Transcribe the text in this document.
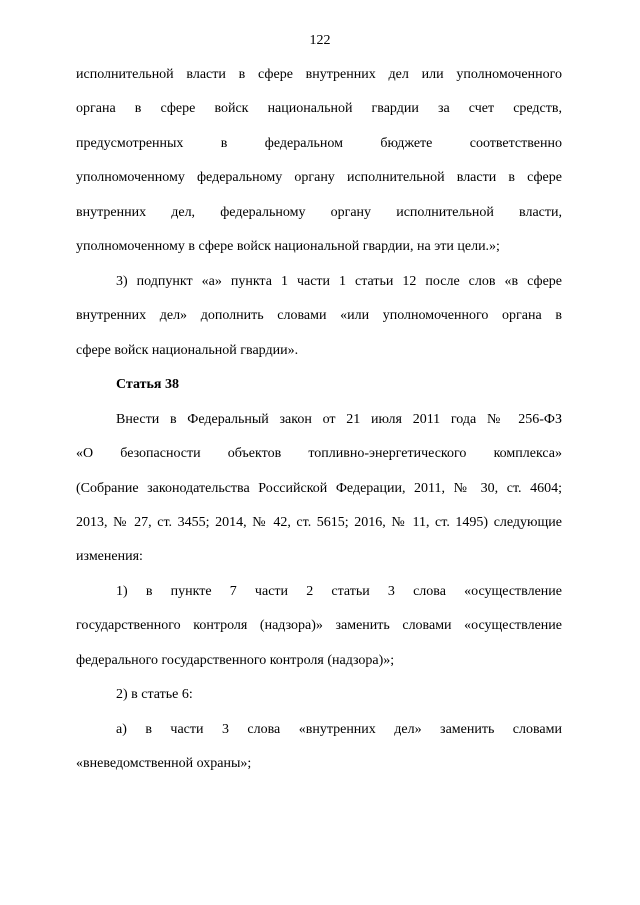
122
исполнительной власти в сфере внутренних дел или уполномоченного
органа в сфере войск национальной гвардии за счет средств,
предусмотренных в федеральном бюджете соответственно
уполномоченному федеральному органу исполнительной власти в сфере
внутренних дел, федеральному органу исполнительной власти,
уполномоченному в сфере войск национальной гвардии, на эти цели.»;
3) подпункт «а» пункта 1 части 1 статьи 12 после слов «в сфере
внутренних дел» дополнить словами «или уполномоченного органа в
сфере войск национальной гвардии».
Статья 38
Внести в Федеральный закон от 21 июля 2011 года № 256-ФЗ
«О безопасности объектов топливно-энергетического комплекса»
(Собрание законодательства Российской Федерации, 2011, № 30, ст. 4604;
2013, № 27, ст. 3455; 2014, № 42, ст. 5615; 2016, № 11, ст. 1495) следующие
изменения:
1) в пункте 7 части 2 статьи 3 слова «осуществление
государственного контроля (надзора)» заменить словами «осуществление
федерального государственного контроля (надзора)»;
2) в статье 6:
а) в части 3 слова «внутренних дел» заменить словами
«вневедомственной охраны»;
